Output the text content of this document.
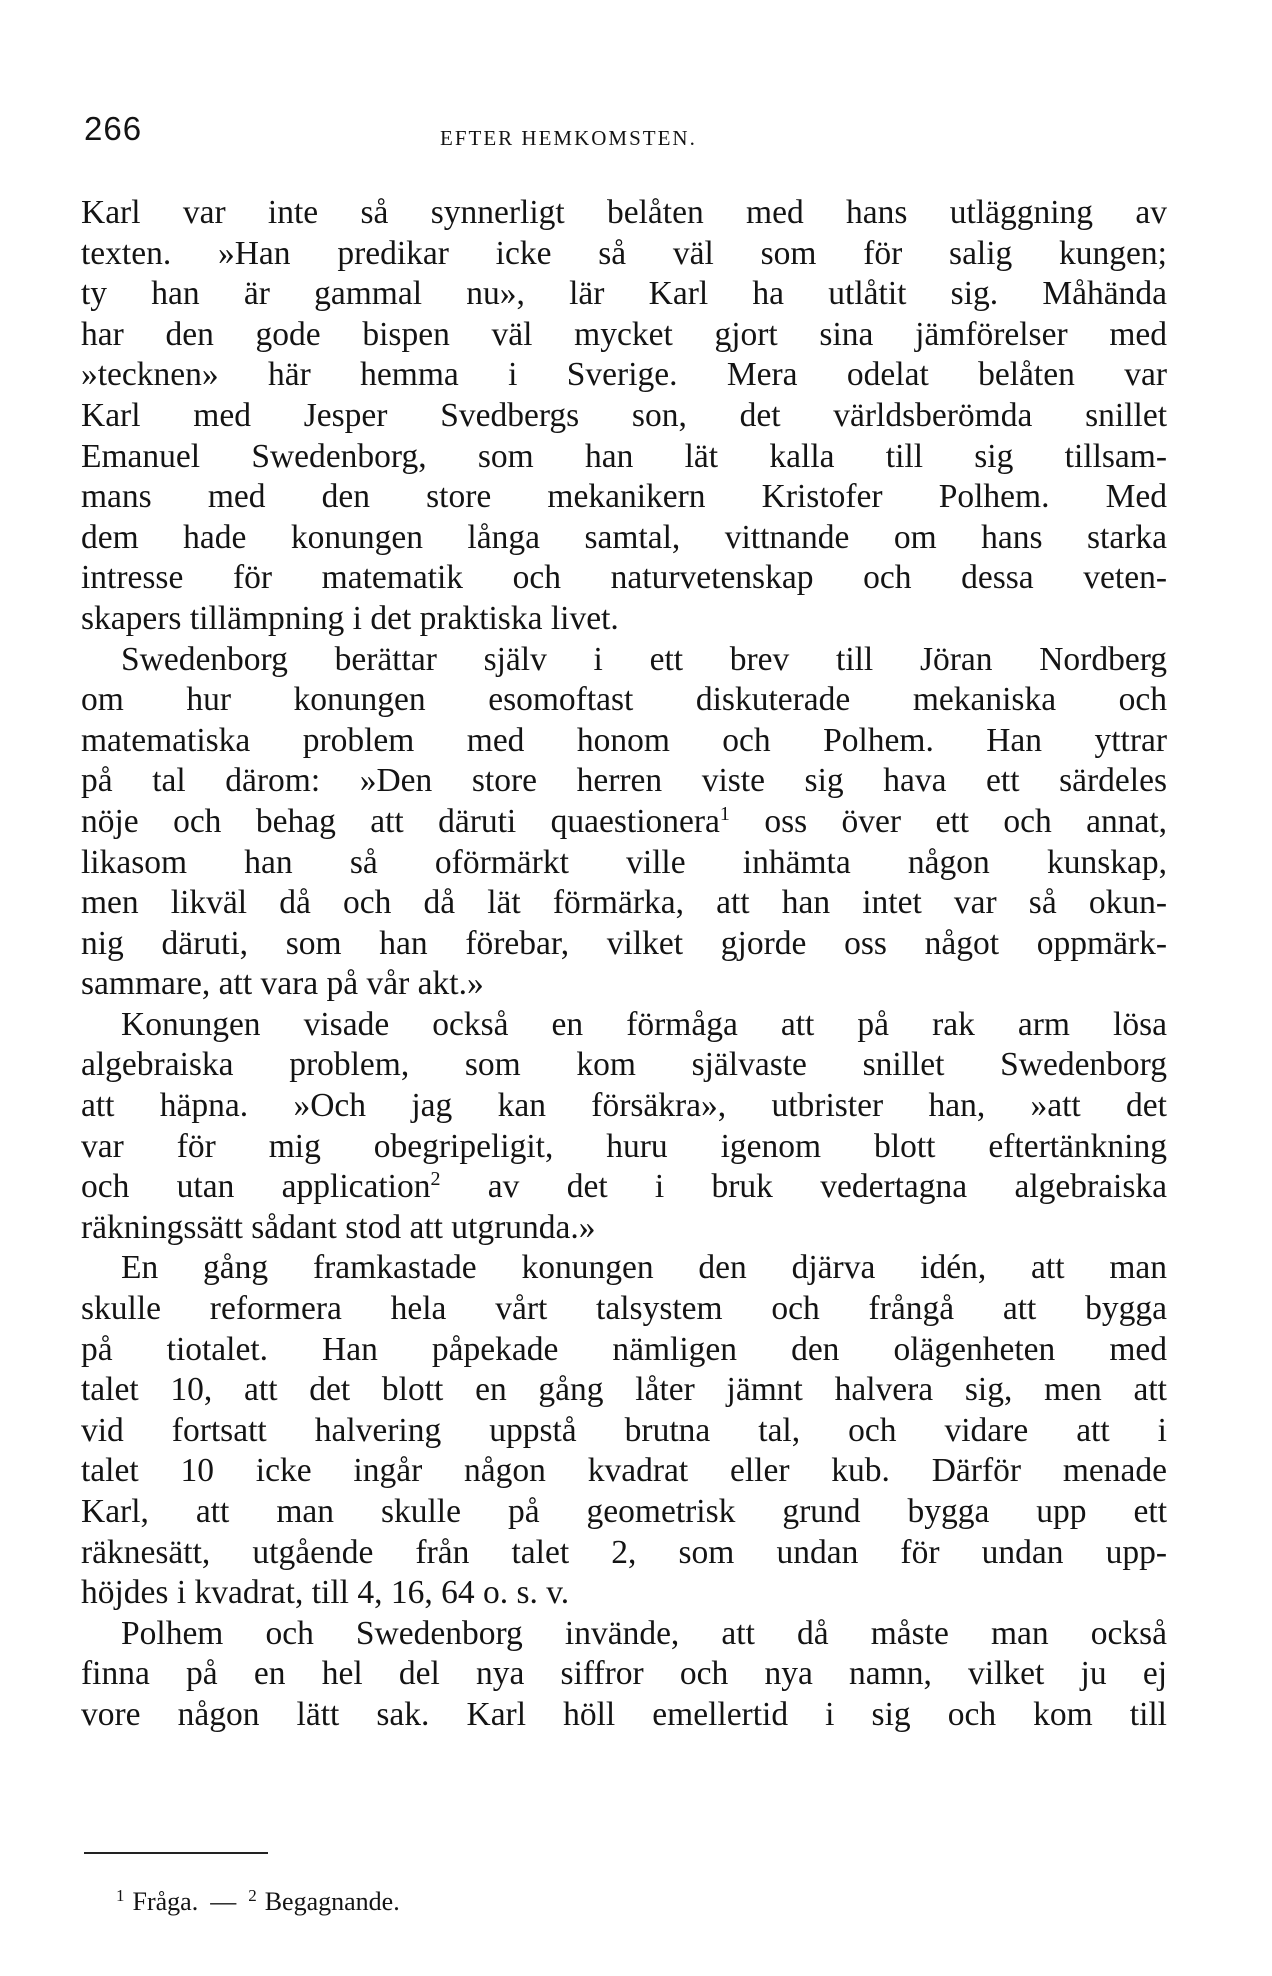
266	EFTER HEMKOMSTEN.
Karl var inte så synnerligt belåten med hans utläggning av
texten. »Han predikar icke så väl som för salig kungen;
ty han är gammal nu», lär Karl ha utlåtit sig. Måhända
har den gode bispen väl mycket gjort sina jämförelser med
»tecknen» här hemma i Sverige. Mera odelat belåten var
Karl med Jesper Svedbergs son, det världsberömda snillet
Emanuel Swedenborg, som han lät kalla till sig tillsam-
mans med den store mekanikern Kristofer Polhem. Med
dem hade konungen långa samtal, vittnande om hans starka
intresse för matematik och naturvetenskap och dessa veten-
skapers tillämpning i det praktiska livet.
Swedenborg berättar själv i ett brev till Jöran Nordberg
om hur konungen esomoftast diskuterade mekaniska och
matematiska problem med honom och Polhem. Han yttrar
på tal därom: »Den store herren viste sig hava ett särdeles
nöje och behag att däruti quaestionera$^1$ oss över ett och annat,
likasom han så oförmärkt ville inhämta någon kunskap,
men likväl då och då lät förmärka, att han intet var så okun-
nig däruti, som han förebar, vilket gjorde oss något oppmärk-
sammare, att vara på vår akt.»
Konungen visade också en förmåga att på rak arm lösa
algebraiska problem, som kom självaste snillet Swedenborg
att häpna. »Och jag kan försäkra», utbrister han, »att det
var för mig obegripeligit, huru igenom blott eftertänkning
och utan application$^2$ av det i bruk vedertagna algebraiska
räkningssätt sådant stod att utgrunda.»
En gång framkastade konungen den djärva idén, att man
skulle reformera hela vårt talsystem och frångå att bygga
på tiotalet. Han påpekade nämligen den olägenheten med
talet 10, att det blott en gång låter jämnt halvera sig, men att
vid fortsatt halvering uppstå brutna tal, och vidare att i
talet 10 icke ingår någon kvadrat eller kub. Därför menade
Karl, att man skulle på geometrisk grund bygga upp ett
räknesätt, utgående från talet 2, som undan för undan upp-
höjdes i kvadrat, till 4, 16, 64 o. s. v.
Polhem och Swedenborg invände, att då måste man också
finna på en hel del nya siffror och nya namn, vilket ju ej
vore någon lätt sak. Karl höll emellertid i sig och kom till
$^1$ Fråga. — $^2$ Begagnande.
